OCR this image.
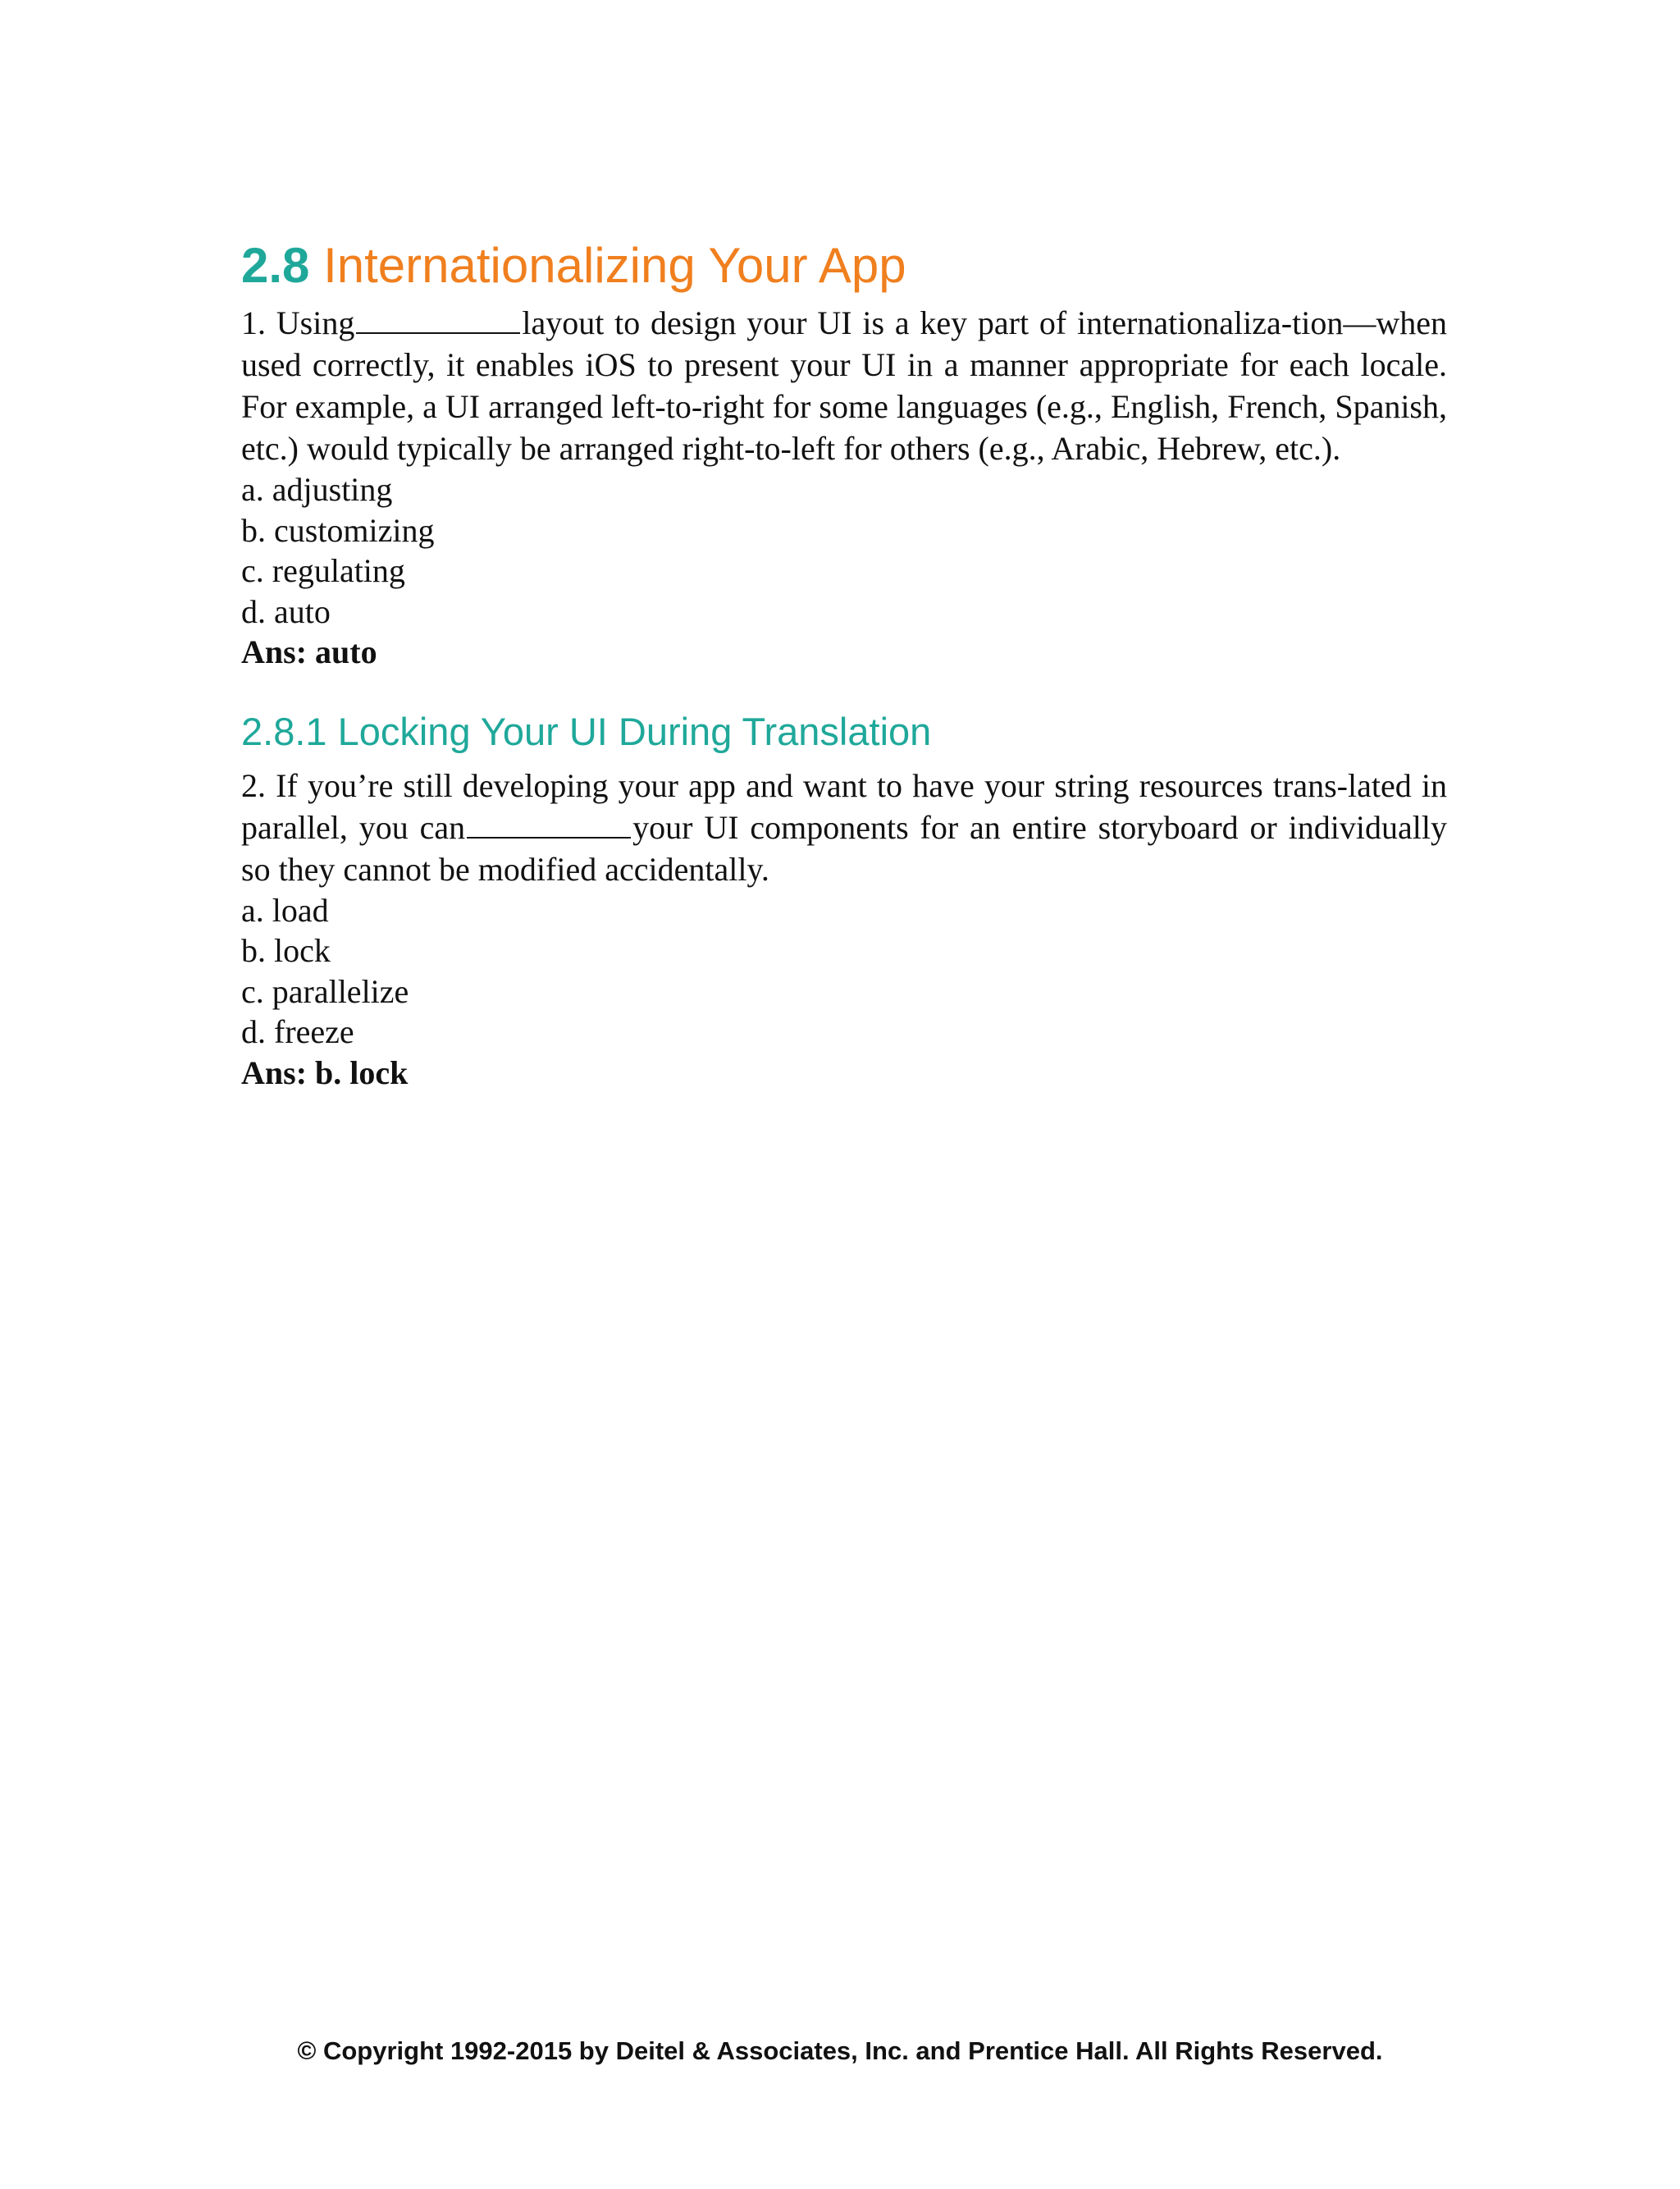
2.8 Internationalizing Your App

1. Using	layout to design your UI is a key part of internationaliza-tion—when used correctly, it enables iOS to present your UI in a manner appropriate for each locale. For example, a UI arranged left-to-right for some languages (e.g., English, French, Spanish, etc.) would typically be arranged right-to-left for others (e.g., Arabic, Hebrew, etc.).

a. adjusting
b. customizing
c. regulating
d. auto
Ans: auto
2.8.1 Locking Your UI During Translation

2. If you’re still developing your app and want to have your string resources trans-lated in parallel, you can	your UI components for an entire storyboard or individually so they cannot be modified accidentally.

a. load
b. lock
c. parallelize
d. freeze
Ans: b. lock
© Copyright 1992-2015 by Deitel & Associates, Inc. and Prentice Hall. All Rights Reserved.
